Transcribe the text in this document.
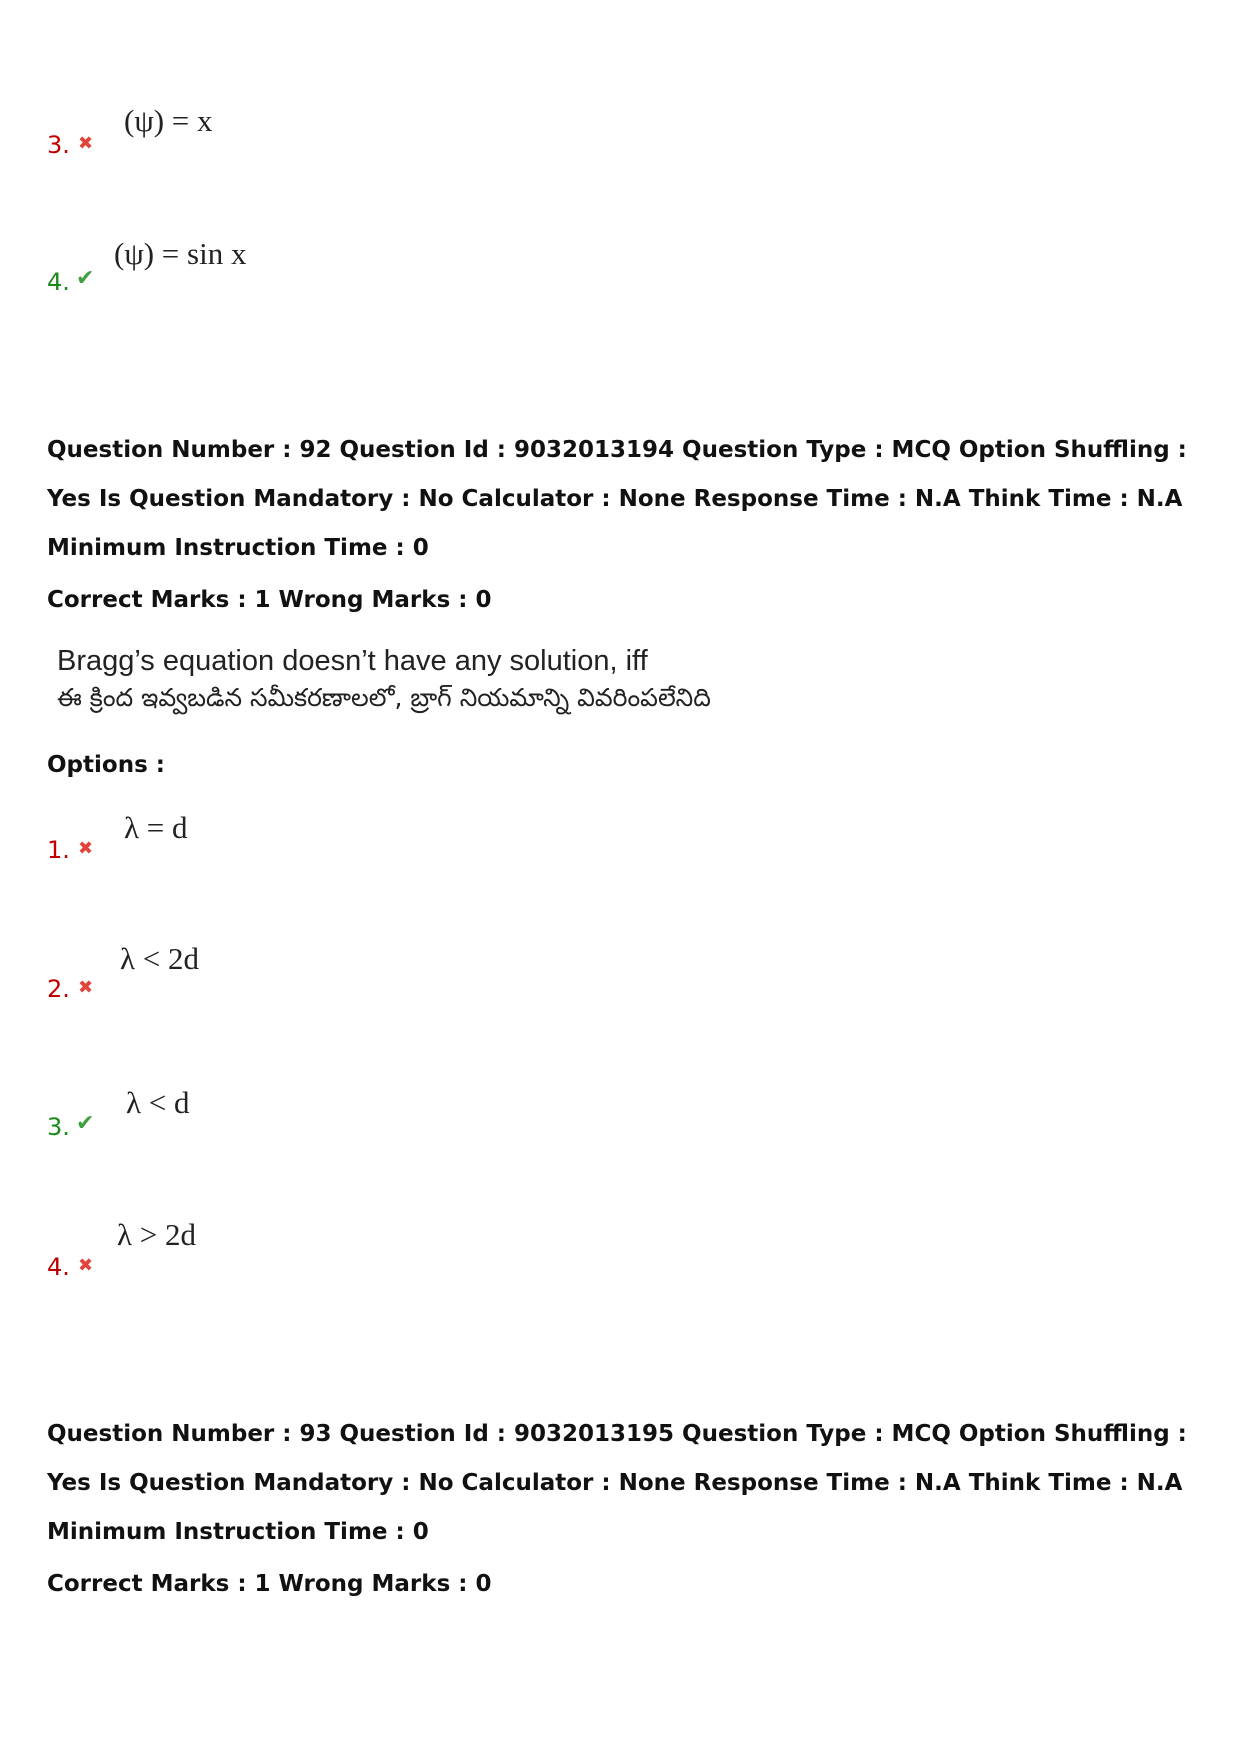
3. ✖
(ψ) = x
4. ✔
(ψ) = sin x
Question Number : 92 Question Id : 9032013194 Question Type : MCQ Option Shuffling : Yes Is Question Mandatory : No Calculator : None Response Time : N.A Think Time : N.A Minimum Instruction Time : 0
Correct Marks : 1 Wrong Marks : 0
Bragg’s equation doesn’t have any solution, iff
ఈ క్రింద ఇవ్వబడిన సమీకరణాలలో, బ్రాగ్ నియమాన్ని వివరింపలేనిది
Options :
1. ✖
λ = d
2. ✖
λ < 2d
3. ✔
λ < d
4. ✖
λ > 2d
Question Number : 93 Question Id : 9032013195 Question Type : MCQ Option Shuffling : Yes Is Question Mandatory : No Calculator : None Response Time : N.A Think Time : N.A Minimum Instruction Time : 0
Correct Marks : 1 Wrong Marks : 0
